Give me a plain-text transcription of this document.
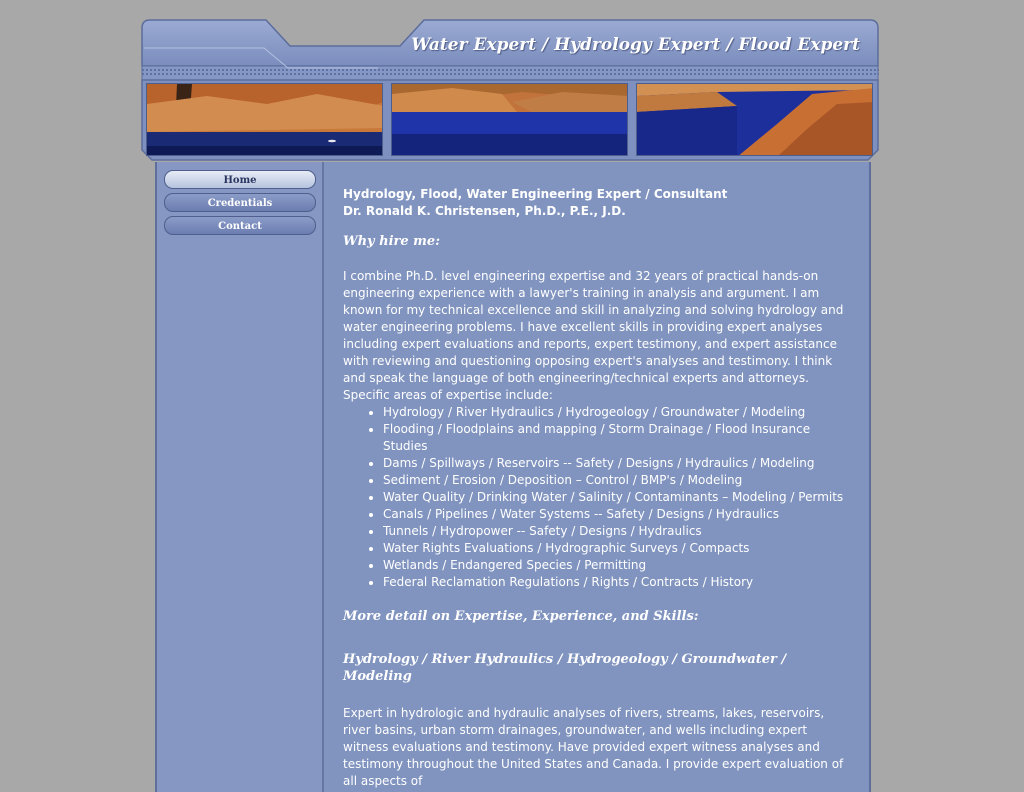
Water Expert / Hydrology Expert / Flood Expert
Home
Credentials
Contact

Hydrology, Flood, Water Engineering Expert / Consultant

Dr. Ronald K. Christensen, Ph.D., P.E., J.D.

Why hire me:

I combine Ph.D. level engineering expertise and 32 years of practical hands-on engineering experience with a lawyer's training in analysis and argument. I am known for my technical excellence and skill in analyzing and solving hydrology and water engineering problems. I have excellent skills in providing expert analyses including expert evaluations and reports, expert testimony, and expert assistance with reviewing and questioning opposing expert's analyses and testimony. I think and speak the language of both engineering/technical experts and attorneys.

Specific areas of expertise include:

• Hydrology / River Hydraulics / Hydrogeology / Groundwater / Modeling
• Flooding / Floodplains and mapping / Storm Drainage / Flood Insurance Studies
• Dams / Spillways / Reservoirs -- Safety / Designs / Hydraulics / Modeling
• Sediment / Erosion / Deposition – Control / BMP's / Modeling
• Water Quality / Drinking Water / Salinity / Contaminants – Modeling / Permits
• Canals / Pipelines / Water Systems -- Safety / Designs / Hydraulics
• Tunnels / Hydropower -- Safety / Designs / Hydraulics
• Water Rights Evaluations / Hydrographic Surveys / Compacts
• Wetlands / Endangered Species / Permitting
• Federal Reclamation Regulations / Rights / Contracts / History
More detail on Expertise, Experience, and Skills:
Hydrology / River Hydraulics / Hydrogeology / Groundwater / Modeling

Expert in hydrologic and hydraulic analyses of rivers, streams, lakes, reservoirs, river basins, urban storm drainages, groundwater, and wells including expert witness evaluations and testimony. Have provided expert witness analyses and testimony throughout the United States and Canada. I provide expert evaluation of all aspects of
